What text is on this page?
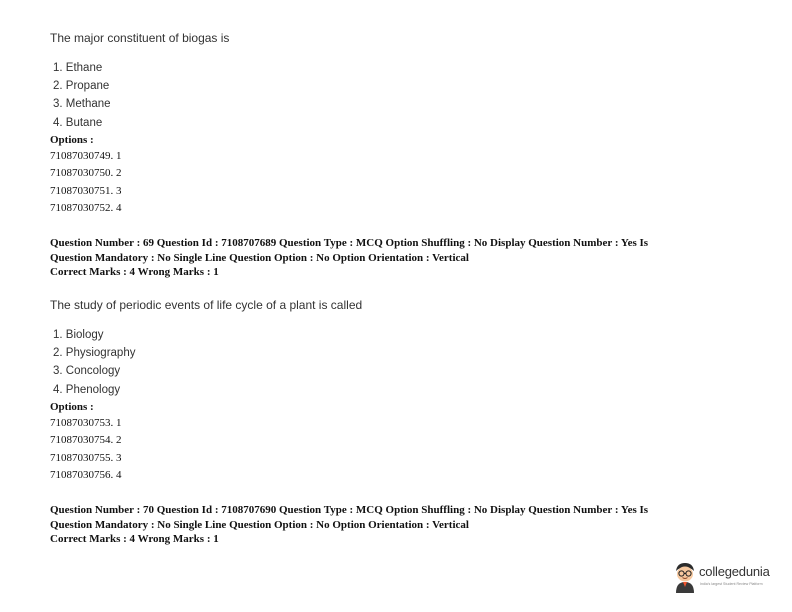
The major constituent of biogas is
1. Ethane
2. Propane
3. Methane
4. Butane
Options :
71087030749. 1
71087030750. 2
71087030751. 3
71087030752. 4
Question Number : 69 Question Id : 7108707689 Question Type : MCQ Option Shuffling : No Display Question Number : Yes Is
Question Mandatory : No Single Line Question Option : No Option Orientation : Vertical
Correct Marks : 4 Wrong Marks : 1
The study of periodic events of life cycle of a plant is called
1. Biology
2. Physiography
3. Concology
4. Phenology
Options :
71087030753. 1
71087030754. 2
71087030755. 3
71087030756. 4
Question Number : 70 Question Id : 7108707690 Question Type : MCQ Option Shuffling : No Display Question Number : Yes Is
Question Mandatory : No Single Line Question Option : No Option Orientation : Vertical
Correct Marks : 4 Wrong Marks : 1
collegedunia
India's largest Student Review Platform
